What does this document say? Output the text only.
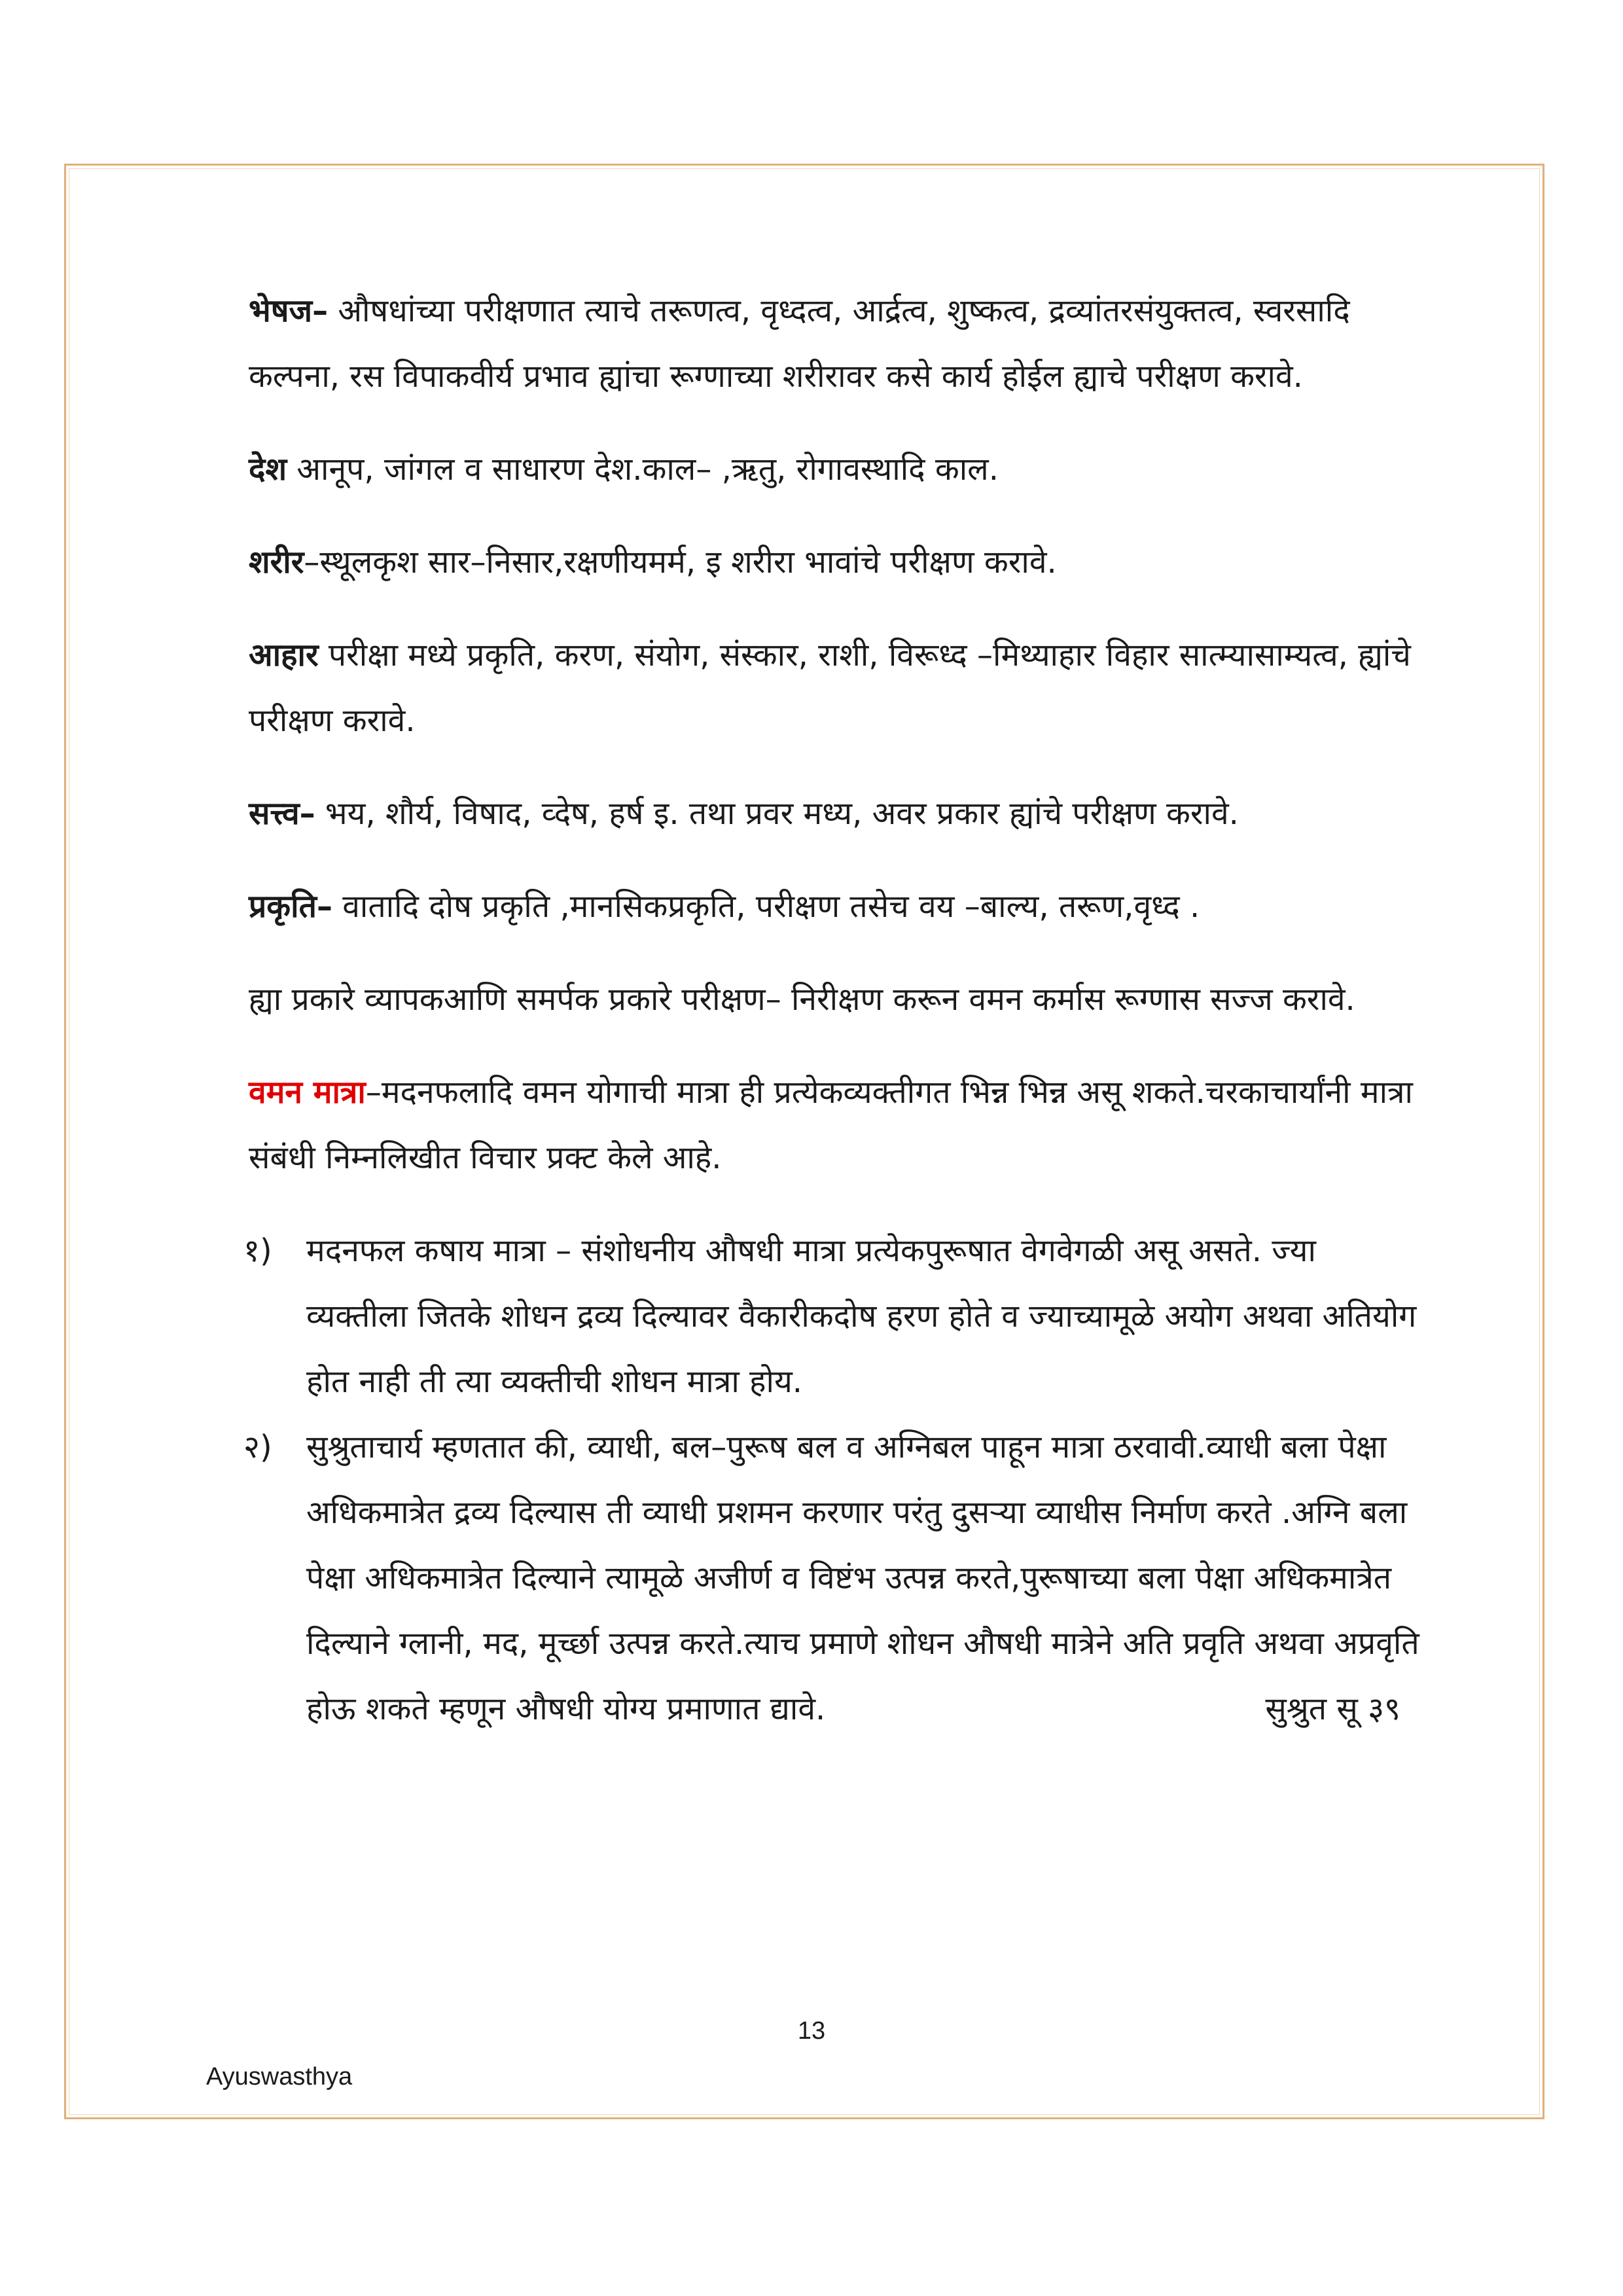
भेषज– औषधांच्या परीक्षणात त्याचे तरूणत्व, वृध्दत्व, आर्द्रत्व, शुष्कत्व, द्रव्यांतरसंयुक्तत्व, स्वरसादि कल्पना, रस विपाकवीर्य प्रभाव ह्यांचा रूग्णाच्या शरीरावर कसे कार्य होईल ह्याचे परीक्षण करावे.

देश आनूप, जांगल व साधारण देश.काल– ,ऋतु, रोगावस्थादि काल.

शरीर–स्थूलकृश सार–निसार,रक्षणीयमर्म, इ शरीरा भावांचे परीक्षण करावे.

आहार परीक्षा मध्ये प्रकृति, करण, संयोग, संस्कार, राशी, विरूध्द –मिथ्याहार विहार सात्म्यासाम्यत्व, ह्यांचे परीक्षण करावे.

सत्त्व– भय, शौर्य, विषाद, व्देष, हर्ष इ. तथा प्रवर मध्य, अवर प्रकार ह्यांचे परीक्षण करावे.

प्रकृति– वातादि दोष प्रकृति ,मानसिकप्रकृति, परीक्षण तसेच वय –बाल्य, तरूण,वृध्द .

ह्या प्रकारे व्यापकआणि समर्पक प्रकारे परीक्षण– निरीक्षण करून वमन कर्मास रूग्णास सज्ज करावे.

वमन मात्रा–मदनफलादि वमन योगाची मात्रा ही प्रत्येकव्यक्तीगत भिन्न भिन्न असू शकते.चरकाचार्यांनी मात्रा संबंधी निम्नलिखीत विचार प्रक्ट केले आहे.

१) मदनफल कषाय मात्रा – संशोधनीय औषधी मात्रा प्रत्येकपुरूषात वेगवेगळी असू असते. ज्या व्यक्तीला जितके शोधन द्रव्य दिल्यावर वैकारीकदोष हरण होते व ज्याच्यामूळे अयोग अथवा अतियोग होत नाही ती त्या व्यक्तीची शोधन मात्रा होय.
२) सुश्रुताचार्य म्हणतात की, व्याधी, बल–पुरूष बल व अग्निबल पाहून मात्रा ठरवावी.व्याधी बला पेक्षा अधिकमात्रेत द्रव्य दिल्यास ती व्याधी प्रशमन करणार परंतु दुसऱ्या व्याधीस निर्माण करते .अग्नि बला पेक्षा अधिकमात्रेत दिल्याने त्यामूळे अजीर्ण व विष्टंभ उत्पन्न करते,पुरूषाच्या बला पेक्षा अधिकमात्रेत दिल्याने ग्लानी, मद, मूर्च्छा उत्पन्न करते.त्याच प्रमाणे शोधन औषधी मात्रेने अति प्रवृति अथवा अप्रवृति होऊ शकते म्हणून औषधी योग्य प्रमाणात द्यावे.	सुश्रुत सू ३९
13
Ayuswasthya
